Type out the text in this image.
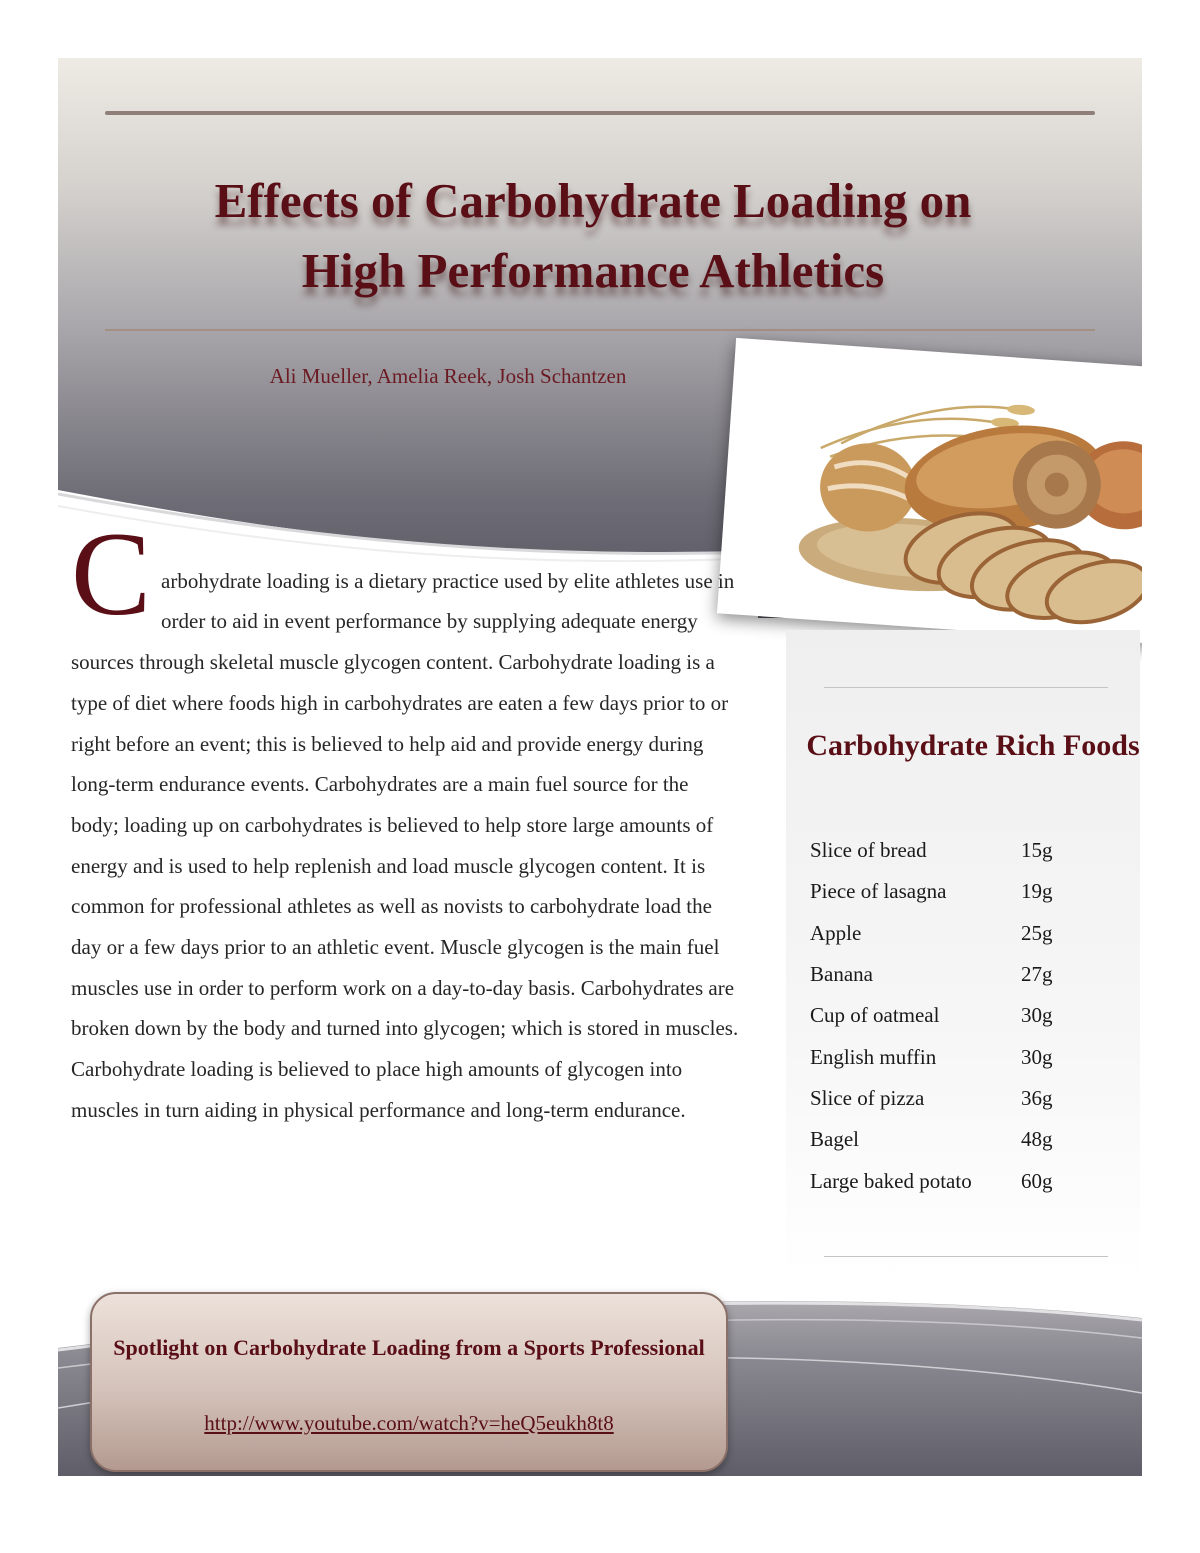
Effects of Carbohydrate Loading on
High Performance Athletics

Ali Mueller, Amelia Reek, Josh Schantzen

Carbohydrate loading is a dietary practice used by elite athletes use in order to aid in event performance by supplying adequate energy sources through skeletal muscle glycogen content. Carbohydrate loading is a type of diet where foods high in carbohydrates are eaten a few days prior to or right before an event; this is believed to help aid and provide energy during long-term endurance events. Carbohydrates are a main fuel source for the body; loading up on carbohydrates is believed to help store large amounts of energy and is used to help replenish and load muscle glycogen content. It is common for professional athletes as well as novists to carbohydrate load the day or a few days prior to an athletic event. Muscle glycogen is the main fuel muscles use in order to perform work on a day-to-day basis. Carbohydrates are broken down by the body and turned into glycogen; which is stored in muscles. Carbohydrate loading is believed to place high amounts of glycogen into muscles in turn aiding in physical performance and long-term endurance.

Carbohydrate Rich Foods
Slice of bread	15g
Piece of lasagna	19g
Apple	25g
Banana	27g
Cup of oatmeal	30g
English muffin	30g
Slice of pizza	36g
Bagel	48g
Large baked potato	60g

Spotlight on Carbohydrate Loading from a Sports Professional

http://www.youtube.com/watch?v=heQ5eukh8t8
